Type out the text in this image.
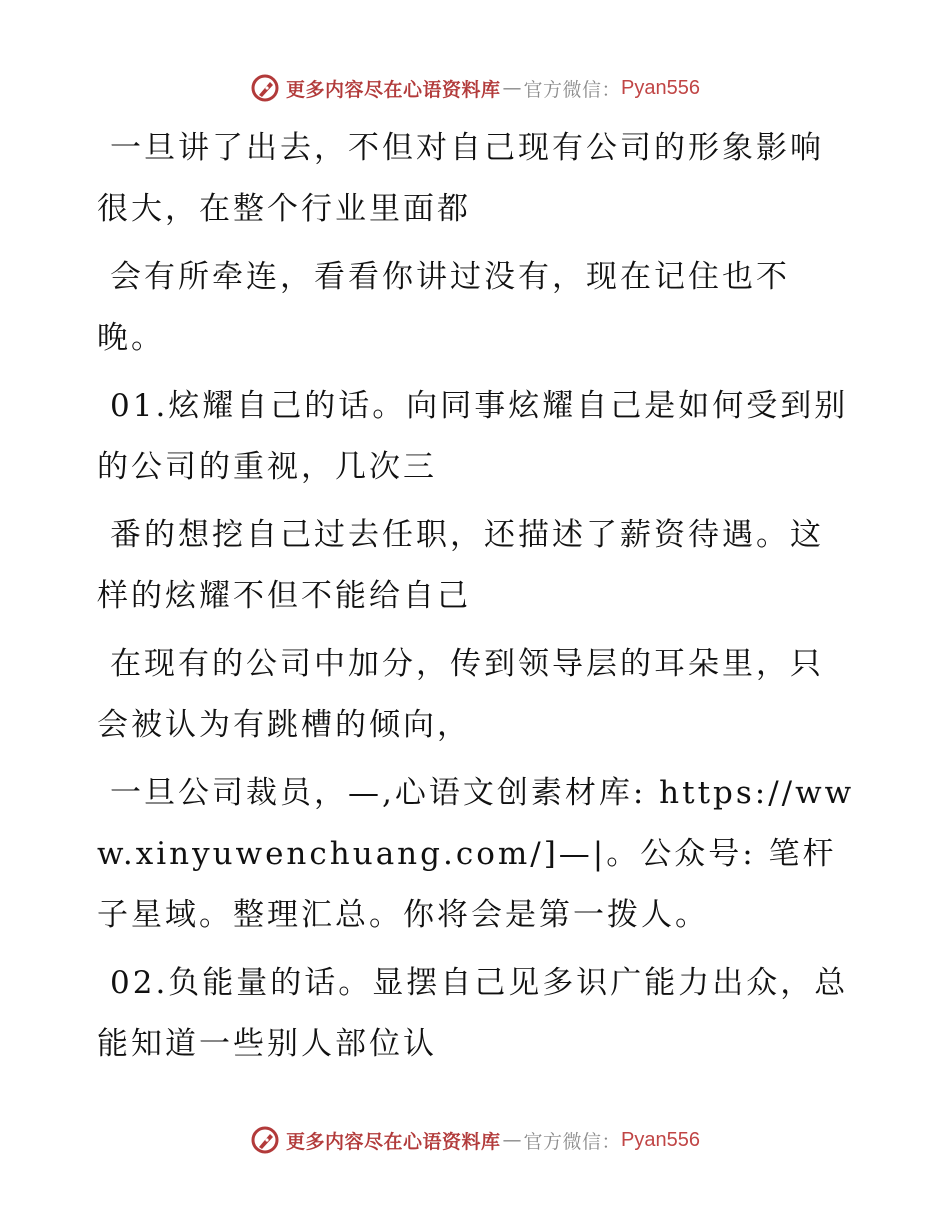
更多内容尽在心语资料库 — 官方微信： Pyan556

一旦讲了出去，不但对自己现有公司的形象影响很大，在整个行业里面都

会有所牵连，看看你讲过没有，现在记住也不晚。

01.炫耀自己的话。向同事炫耀自己是如何受到别的公司的重视，几次三

番的想挖自己过去任职，还描述了薪资待遇。这样的炫耀不但不能给自己

在现有的公司中加分，传到领导层的耳朵里，只会被认为有跳槽的倾向，

一旦公司裁员，—,心语文创素材库: https://www.xinyuwenchuang.com/]—|。公众号: 笔杆子星域。整理汇总。你将会是第一拨人。

02.负能量的话。显摆自己见多识广能力出众，总能知道一些别人部位认

更多内容尽在心语资料库 — 官方微信： Pyan556
